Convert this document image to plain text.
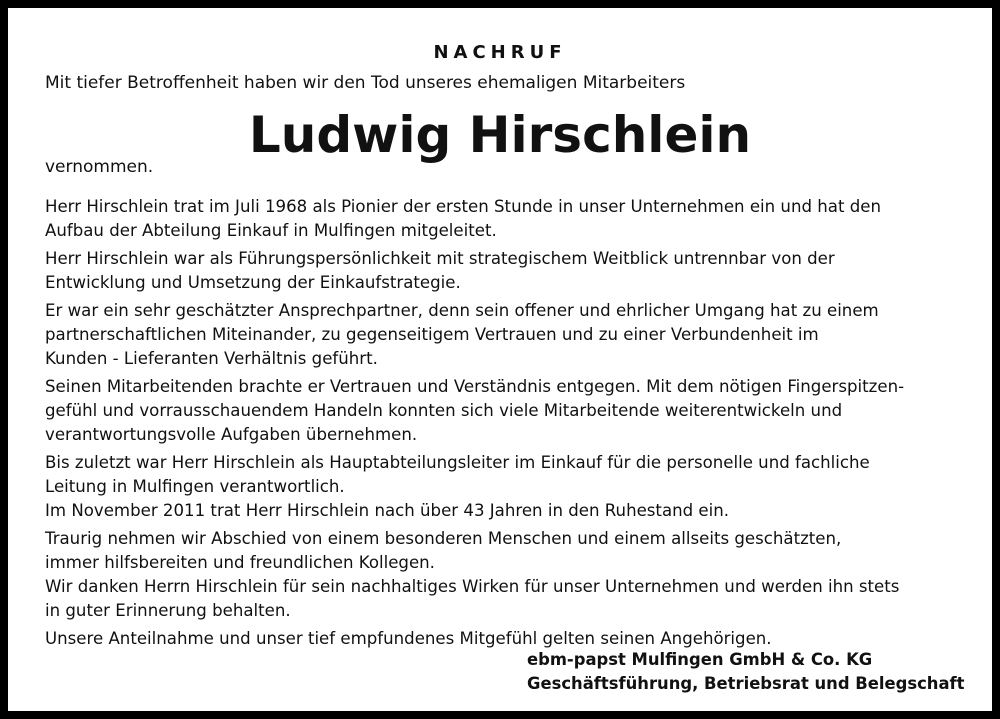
NACHRUF
Mit tiefer Betroffenheit haben wir den Tod unseres ehemaligen Mitarbeiters
Ludwig Hirschlein
vernommen.

Herr Hirschlein trat im Juli 1968 als Pionier der ersten Stunde in unser Unternehmen ein und hat den
Aufbau der Abteilung Einkauf in Mulfingen mitgeleitet.

Herr Hirschlein war als Führungspersönlichkeit mit strategischem Weitblick untrennbar von der
Entwicklung und Umsetzung der Einkaufstrategie.

Er war ein sehr geschätzter Ansprechpartner, denn sein offener und ehrlicher Umgang hat zu einem
partnerschaftlichen Miteinander, zu gegenseitigem Vertrauen und zu einer Verbundenheit im
Kunden - Lieferanten Verhältnis geführt.

Seinen Mitarbeitenden brachte er Vertrauen und Verständnis entgegen. Mit dem nötigen Fingerspitzen-
gefühl und vorrausschauendem Handeln konnten sich viele Mitarbeitende weiterentwickeln und
verantwortungsvolle Aufgaben übernehmen.

Bis zuletzt war Herr Hirschlein als Hauptabteilungsleiter im Einkauf für die personelle und fachliche
Leitung in Mulfingen verantwortlich.
Im November 2011 trat Herr Hirschlein nach über 43 Jahren in den Ruhestand ein.

Traurig nehmen wir Abschied von einem besonderen Menschen und einem allseits geschätzten,
immer hilfsbereiten und freundlichen Kollegen.
Wir danken Herrn Hirschlein für sein nachhaltiges Wirken für unser Unternehmen und werden ihn stets
in guter Erinnerung behalten.

Unsere Anteilnahme und unser tief empfundenes Mitgefühl gelten seinen Angehörigen.

ebm-papst Mulfingen GmbH & Co. KG
Geschäftsführung, Betriebsrat und Belegschaft
